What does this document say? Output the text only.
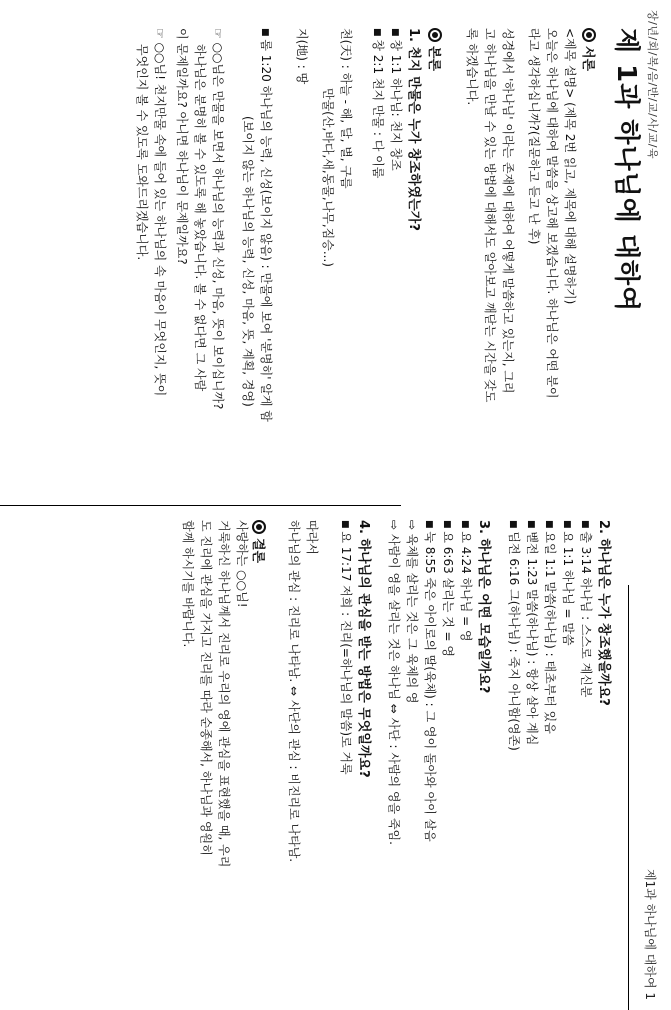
장/년/회/복/음/반/교/사/교/육
제 1과 하나님에 대하여
제1과 하나님에 대하여 1
서론
<제목 설명> (제목 2번 읽고, 제목에 대해 설명하기)
오늘은 하나님에 대하여 말씀을 상고해 보겠습니다. 하나님은 어떤 분이
라고 생각하십니까?(질문하고 듣고 난 후)
성경에서 '하나님' 이라는 존재에 대하여 어떻게 말씀하고 있는지, 그리
고 하나님을 만날 수 있는 방법에 대해서도 알아보고 깨닫는 시간을 갖도
록 하겠습니다.
본론
1. 천지 만물은 누가 창조하였는가?
■ 창 1:1 하나님: 천지 창조
■ 창 2:1 천지 만물 : 다 이룸
천(天) : 하늘 - 해, 달, 별, 구름
만물(산,바다,새,동물,나무,짐승...)
지(地) : 땅
■ 롬 1:20 하나님의 능력, 신성(보이지 않음) : 만물에 보여 '분명히' 알게 함
(보이지 않는 하나님의 능력, 신성, 마음, 뜻, 계획, 경영)
☞ ○○님은 만물을 보면서 하나님의 능력과 신성, 마음, 뜻이 보이십니까?
하나님은 분명히 볼 수 있도록 해 놓았습니다. 볼 수 없다면 그 사람
이 문제일까요? 아니면 하나님이 문제일까요?
☞ ○○님! 천지만물 속에 들어 있는 하나님의 속 마음이 무엇인지, 뜻이
무엇인지 볼 수 있도록 도와드리겠습니다.
2. 하나님은 누가 창조했을까요?
■ 출 3:14 하나님 : 스스로 계신분
■ 요 1:1 하나님 = 말씀
■ 요일 1:1 말씀(하나님) : 태초부터 있음
■ 벧전 1:23 말씀(하나님) : 항상 살아 계심
■ 딤전 6:16 그(하나님) : 죽지 아니함(영존)
3. 하나님은 어떤 모습일까요?
■ 요 4:24 하나님 = 영
■ 요 6:63 살리는 것 = 영
■ 눅 8:55 죽은 아이로의 딸(육체) : 그 영이 돌아와 아이 살음
⇨ 육체를 살리는 것은 그 육체의 영
⇨ 사람이 영을 살리는 것은 하나님 ⇔ 사단 : 사람의 영을 죽임.
4. 하나님의 관심을 받는 방법은 무엇일까요?
■ 요 17:17 저희 : 진리(=하나님의 말씀)로 거룩
따라서
하나님의 관심 : 진리로 나타남. ⇔ 사단의 관심 : 비진리로 나타남.
결론
사랑하는 ○○님!
거룩하신 하나님께서 진리로 우리의 영에 관심을 표현했을 때, 우리
도 진리에 관심을 가지고 진리를 따라 순종해서, 하나님과 영원히
함께 하시기를 바랍니다.
